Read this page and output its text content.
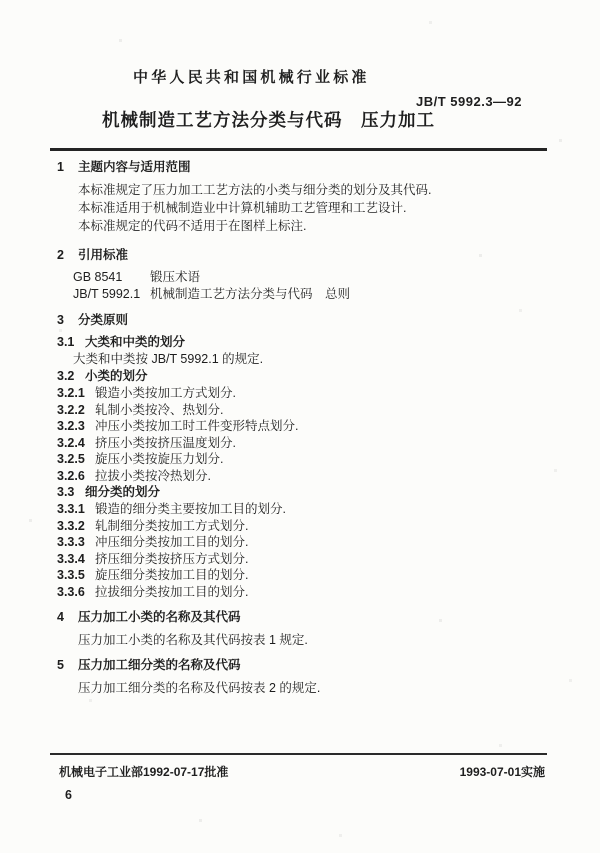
中华人民共和国机械行业标准
JB/T 5992.3—92
机械制造工艺方法分类与代码　压力加工
1	主题内容与适用范围
本标准规定了压力加工工艺方法的小类与细分类的划分及其代码.
本标准适用于机械制造业中计算机辅助工艺管理和工艺设计.
本标准规定的代码不适用于在图样上标注.
2	引用标准
GB 8541	锻压术语
JB/T 5992.1 机械制造工艺方法分类与代码　总则
3	分类原则
3.1 大类和中类的划分
大类和中类按 JB/T 5992.1 的规定.
3.2 小类的划分
3.2.1 锻造小类按加工方式划分.
3.2.2 轧制小类按冷、热划分.
3.2.3 冲压小类按加工时工件变形特点划分.
3.2.4 挤压小类按挤压温度划分.
3.2.5 旋压小类按旋压力划分.
3.2.6 拉拔小类按冷热划分.
3.3 细分类的划分
3.3.1 锻造的细分类主要按加工目的划分.
3.3.2 轧制细分类按加工方式划分.
3.3.3 冲压细分类按加工目的划分.
3.3.4 挤压细分类按挤压方式划分.
3.3.5 旋压细分类按加工目的划分.
3.3.6 拉拔细分类按加工目的划分.
4	压力加工小类的名称及其代码
压力加工小类的名称及其代码按表 1 规定.
5	压力加工细分类的名称及代码
压力加工细分类的名称及代码按表 2 的规定.
机械电子工业部1992-07-17批准	1993-07-01实施
6
